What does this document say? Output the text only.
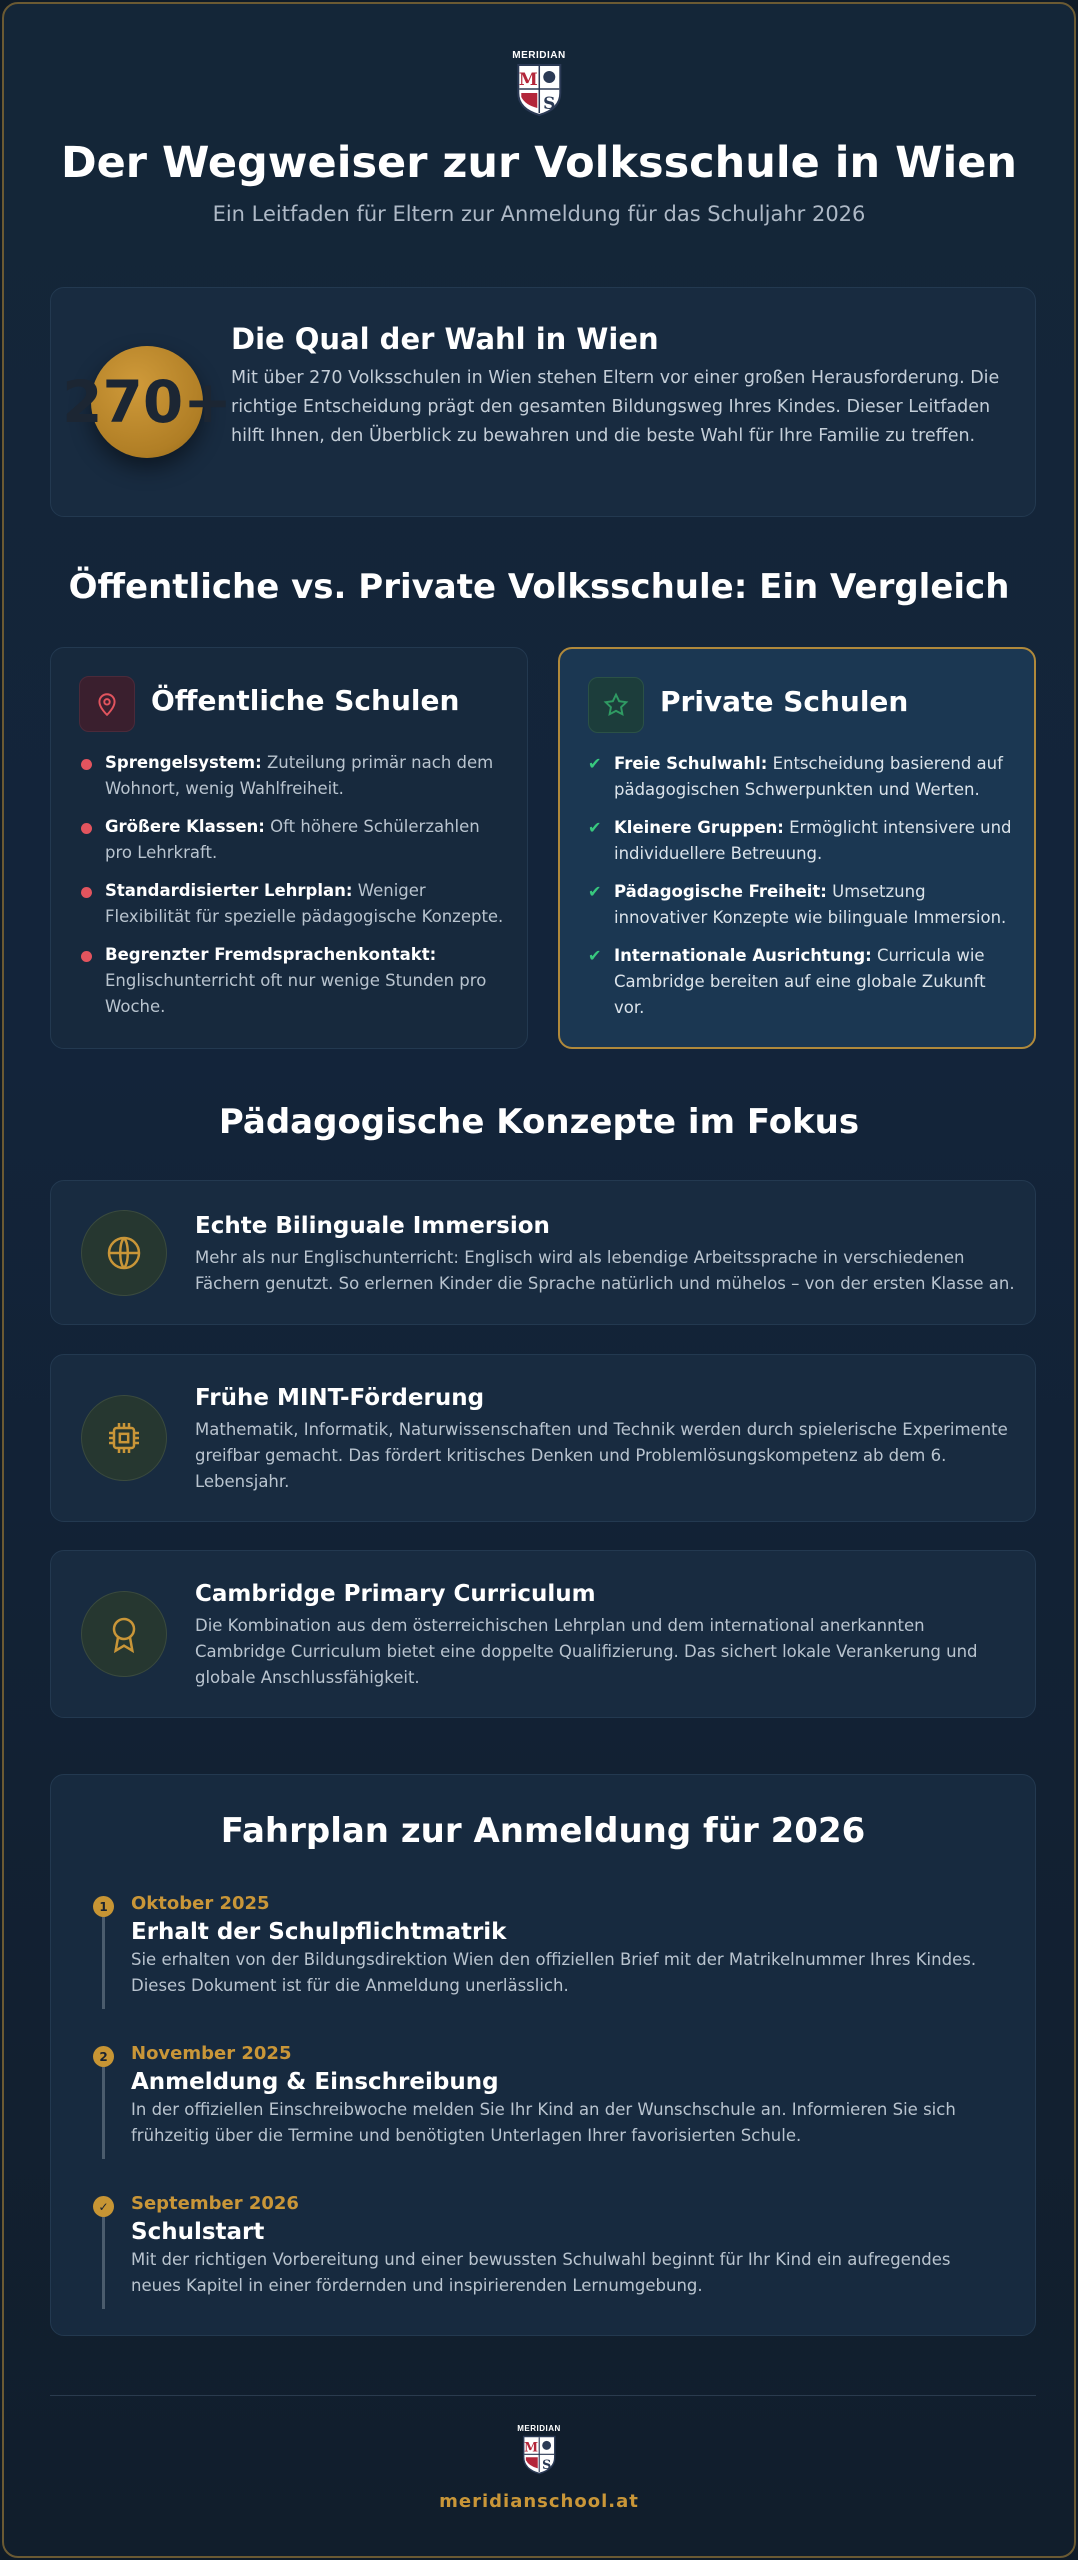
MERIDIAN
M
S
Der Wegweiser zur Volksschule in Wien
Ein Leitfaden für Eltern zur Anmeldung für das Schuljahr 2026
270+
Die Qual der Wahl in Wien

Mit über 270 Volksschulen in Wien stehen Eltern vor einer großen Herausforderung. Die richtige Entscheidung prägt den gesamten Bildungsweg Ihres Kindes. Dieser Leitfaden hilft Ihnen, den Überblick zu bewahren und die beste Wahl für Ihre Familie zu treffen.

Öffentliche vs. Private Volksschule: Ein Vergleich
Öffentliche Schulen
Sprengelsystem: Zuteilung primär nach dem Wohnort, wenig Wahlfreiheit.
Größere Klassen: Oft höhere Schülerzahlen pro Lehrkraft.
Standardisierter Lehrplan: Weniger Flexibilität für spezielle pädagogische Konzepte.
Begrenzter Fremdsprachenkontakt: Englischunterricht oft nur wenige Stunden pro Woche.
Private Schulen
✔ Freie Schulwahl: Entscheidung basierend auf pädagogischen Schwerpunkten und Werten.
✔ Kleinere Gruppen: Ermöglicht intensivere und individuellere Betreuung.
✔ Pädagogische Freiheit: Umsetzung innovativer Konzepte wie bilinguale Immersion.
✔ Internationale Ausrichtung: Curricula wie Cambridge bereiten auf eine globale Zukunft vor.
Pädagogische Konzepte im Fokus
Echte Bilinguale Immersion

Mehr als nur Englischunterricht: Englisch wird als lebendige Arbeitssprache in verschiedenen Fächern genutzt. So erlernen Kinder die Sprache natürlich und mühelos – von der ersten Klasse an.

Frühe MINT-Förderung

Mathematik, Informatik, Naturwissenschaften und Technik werden durch spielerische Experimente greifbar gemacht. Das fördert kritisches Denken und Problemlösungskompetenz ab dem 6. Lebensjahr.

Cambridge Primary Curriculum

Die Kombination aus dem österreichischen Lehrplan und dem international anerkannten Cambridge Curriculum bietet eine doppelte Qualifizierung. Das sichert lokale Verankerung und globale Anschlussfähigkeit.

Fahrplan zur Anmeldung für 2026
1	Oktober 2025
Erhalt der Schulpflichtmatrik
Sie erhalten von der Bildungsdirektion Wien den offiziellen Brief mit der Matrikelnummer Ihres Kindes. Dieses Dokument ist für die Anmeldung unerlässlich.
2	November 2025
Anmeldung & Einschreibung
In der offiziellen Einschreibwoche melden Sie Ihr Kind an der Wunschschule an. Informieren Sie sich frühzeitig über die Termine und benötigten Unterlagen Ihrer favorisierten Schule.
✓	September 2026
Schulstart
Mit der richtigen Vorbereitung und einer bewussten Schulwahl beginnt für Ihr Kind ein aufregendes neues Kapitel in einer fördernden und inspirierenden Lernumgebung.
MERIDIAN
M
S
meridianschool.at
